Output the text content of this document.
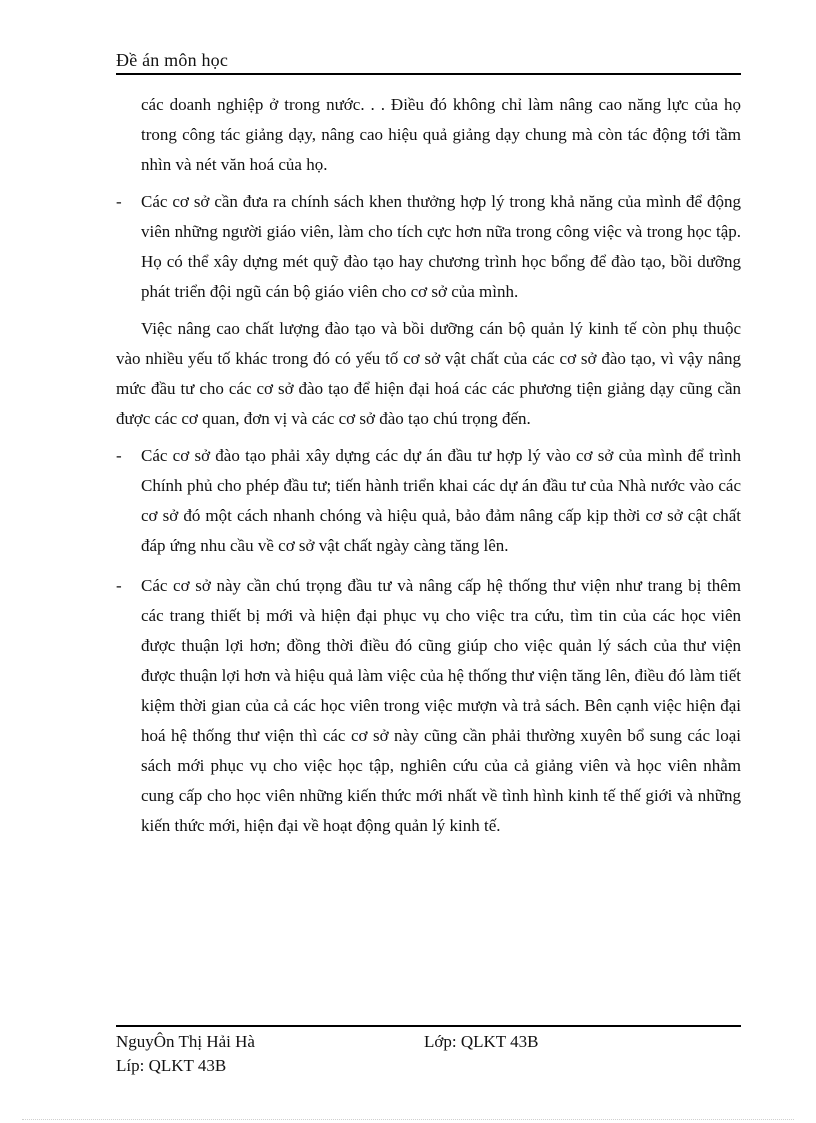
Đề án môn học
các doanh nghiệp ở trong nước. . . Điều đó không chỉ làm nâng cao năng lực của họ trong công tác giảng dạy, nâng cao hiệu quả giảng dạy chung mà còn tác động tới tầm nhìn và nét văn hoá của họ.
-	Các cơ sở cần đưa ra chính sách khen thưởng hợp lý trong khả năng của mình để động viên những người giáo viên, làm cho tích cực hơn nữa trong công việc và trong học tập. Họ có thể xây dựng mét quỹ đào tạo hay chương trình học bổng để đào tạo, bồi dưỡng phát triển đội ngũ cán bộ giáo viên cho cơ sở của mình.
Việc nâng cao chất lượng đào tạo và bồi dưỡng cán bộ quản lý kinh tế còn phụ thuộc vào nhiều yếu tố khác trong đó có yếu tố cơ sở vật chất của các cơ sở đào tạo, vì vậy nâng mức đầu tư cho các cơ sở đào tạo để hiện đại hoá các các phương tiện giảng dạy cũng cần được các cơ quan, đơn vị và các cơ sở đào tạo chú trọng đến.
-	Các cơ sở đào tạo phải xây dựng các dự án đầu tư hợp lý vào cơ sở của mình để trình Chính phủ cho phép đầu tư; tiến hành triển khai các dự án đầu tư của Nhà nước vào các cơ sở đó một cách nhanh chóng và hiệu quả, bảo đảm nâng cấp kịp thời cơ sở cật chất đáp ứng nhu cầu về cơ sở vật chất ngày càng tăng lên.
-	Các cơ sở này cần chú trọng đầu tư và nâng cấp hệ thống thư viện như trang bị thêm các trang thiết bị mới và hiện đại phục vụ cho việc tra cứu, tìm tin của các học viên được thuận lợi hơn; đồng thời điều đó cũng giúp cho việc quản lý sách của thư viện được thuận lợi hơn và hiệu quả làm việc của hệ thống thư viện tăng lên, điều đó làm tiết kiệm thời gian của cả các học viên trong việc mượn và trả sách. Bên cạnh việc hiện đại hoá hệ thống thư viện thì các cơ sở này cũng cần phải thường xuyên bổ sung các loại sách mới phục vụ cho việc học tập, nghiên cứu của cả giảng viên và học viên nhằm cung cấp cho học viên những kiến thức mới nhất về tình hình kinh tế thế giới và những kiến thức mới, hiện đại về hoạt động quản lý kinh tế.
NguyÔn Thị Hải Hà	Lớp: QLKT 43B
Líp: QLKT 43B
